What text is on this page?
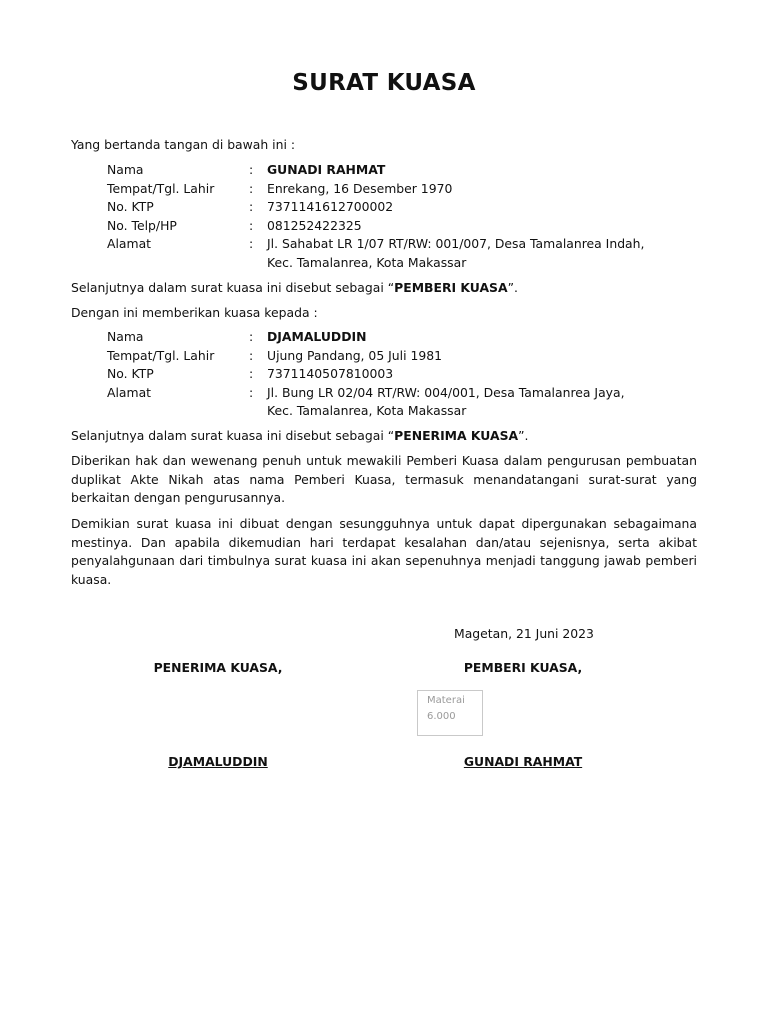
SURAT KUASA

Yang bertanda tangan di bawah ini :

Nama	: GUNADI RAHMAT
Tempat/Tgl. Lahir	: Enrekang, 16 Desember 1970
No. KTP	: 7371141612700002
No. Telp/HP	: 081252422325
Alamat	: Jl. Sahabat LR 1/07 RT/RW: 001/007, Desa Tamalanrea Indah,
Kec. Tamalanrea, Kota Makassar

Selanjutnya dalam surat kuasa ini disebut sebagai “PEMBERI KUASA”.

Dengan ini memberikan kuasa kepada :

Nama	: DJAMALUDDIN
Tempat/Tgl. Lahir	: Ujung Pandang, 05 Juli 1981
No. KTP	: 7371140507810003
Alamat	: Jl. Bung LR 02/04 RT/RW: 004/001, Desa Tamalanrea Jaya,
Kec. Tamalanrea, Kota Makassar

Selanjutnya dalam surat kuasa ini disebut sebagai “PENERIMA KUASA”.

Diberikan hak dan wewenang penuh untuk mewakili Pemberi Kuasa dalam pengurusan pembuatan duplikat Akte Nikah atas nama Pemberi Kuasa, termasuk menandatangani surat-surat yang berkaitan dengan pengurusannya.

Demikian surat kuasa ini dibuat dengan sesungguhnya untuk dapat dipergunakan sebagaimana mestinya. Dan apabila dikemudian hari terdapat kesalahan dan/atau sejenisnya, serta akibat penyalahgunaan dari timbulnya surat kuasa ini akan sepenuhnya menjadi tanggung jawab pemberi kuasa.

Magetan, 21 Juni 2023
PENERIMA KUASA,	PEMBERI KUASA,
Materai
6.000
DJAMALUDDIN	GUNADI RAHMAT
